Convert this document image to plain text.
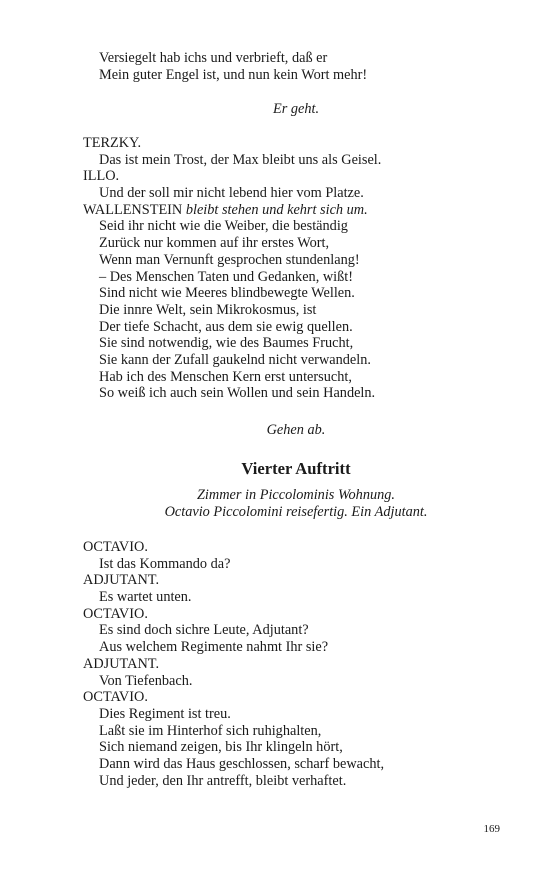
Versiegelt hab ichs und verbrieft, daß er
Mein guter Engel ist, und nun kein Wort mehr!
Er geht.
TERZKY.
Das ist mein Trost, der Max bleibt uns als Geisel.
ILLO.
Und der soll mir nicht lebend hier vom Platze.
WALLENSTEIN bleibt stehen und kehrt sich um.
Seid ihr nicht wie die Weiber, die beständig
Zurück nur kommen auf ihr erstes Wort,
Wenn man Vernunft gesprochen stundenlang!
– Des Menschen Taten und Gedanken, wißt!
Sind nicht wie Meeres blindbewegte Wellen.
Die innre Welt, sein Mikrokosmus, ist
Der tiefe Schacht, aus dem sie ewig quellen.
Sie sind notwendig, wie des Baumes Frucht,
Sie kann der Zufall gaukelnd nicht verwandeln.
Hab ich des Menschen Kern erst untersucht,
So weiß ich auch sein Wollen und sein Handeln.
Gehen ab.
Vierter Auftritt
Zimmer in Piccolominis Wohnung.
Octavio Piccolomini reisefertig. Ein Adjutant.
OCTAVIO.
Ist das Kommando da?
ADJUTANT.
Es wartet unten.
OCTAVIO.
Es sind doch sichre Leute, Adjutant?
Aus welchem Regimente nahmt Ihr sie?
ADJUTANT.
Von Tiefenbach.
OCTAVIO.
Dies Regiment ist treu.
Laßt sie im Hinterhof sich ruhighalten,
Sich niemand zeigen, bis Ihr klingeln hört,
Dann wird das Haus geschlossen, scharf bewacht,
Und jeder, den Ihr antrefft, bleibt verhaftet.
169
